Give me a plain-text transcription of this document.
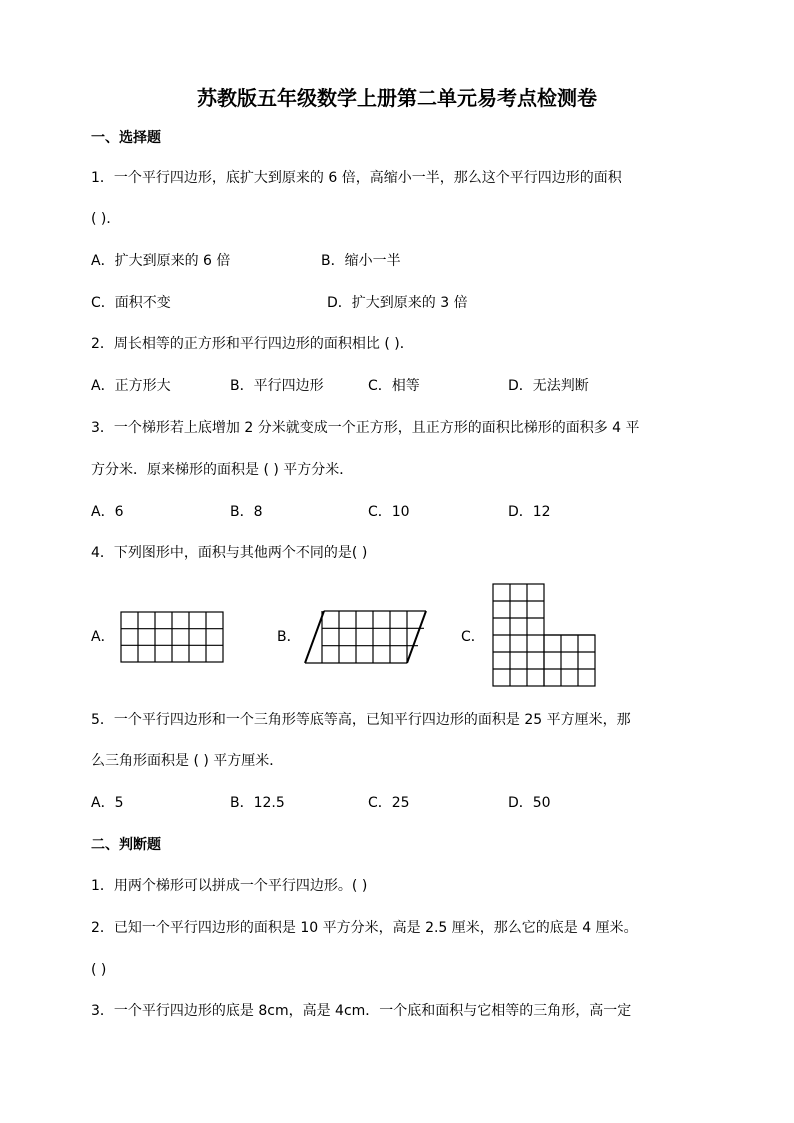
苏教版五年级数学上册第二单元易考点检测卷
一、选择题
1．一个平行四边形，底扩大到原来的 6 倍，高缩小一半，那么这个平行四边形的面积
( )．
A．扩大到原来的 6 倍	B．缩小一半
C．面积不变	D．扩大到原来的 3 倍
2．周长相等的正方形和平行四边形的面积相比 ( )．
A．正方形大	B．平行四边形	C．相等	D．无法判断
3．一个梯形若上底增加 2 分米就变成一个正方形，且正方形的面积比梯形的面积多 4 平
方分米．原来梯形的面积是 ( ) 平方分米．
A．6	B．8	C．10	D．12
4．下列图形中，面积与其他两个不同的是( )
A．	B．	C．
5．一个平行四边形和一个三角形等底等高，已知平行四边形的面积是 25 平方厘米，那
么三角形面积是 ( ) 平方厘米．
A．5	B．12.5	C．25	D．50
二、判断题
1．用两个梯形可以拼成一个平行四边形。( )
2．已知一个平行四边形的面积是 10 平方分米，高是 2.5 厘米，那么它的底是 4 厘米。
( )
3．一个平行四边形的底是 8cm，高是 4cm．一个底和面积与它相等的三角形，高一定
